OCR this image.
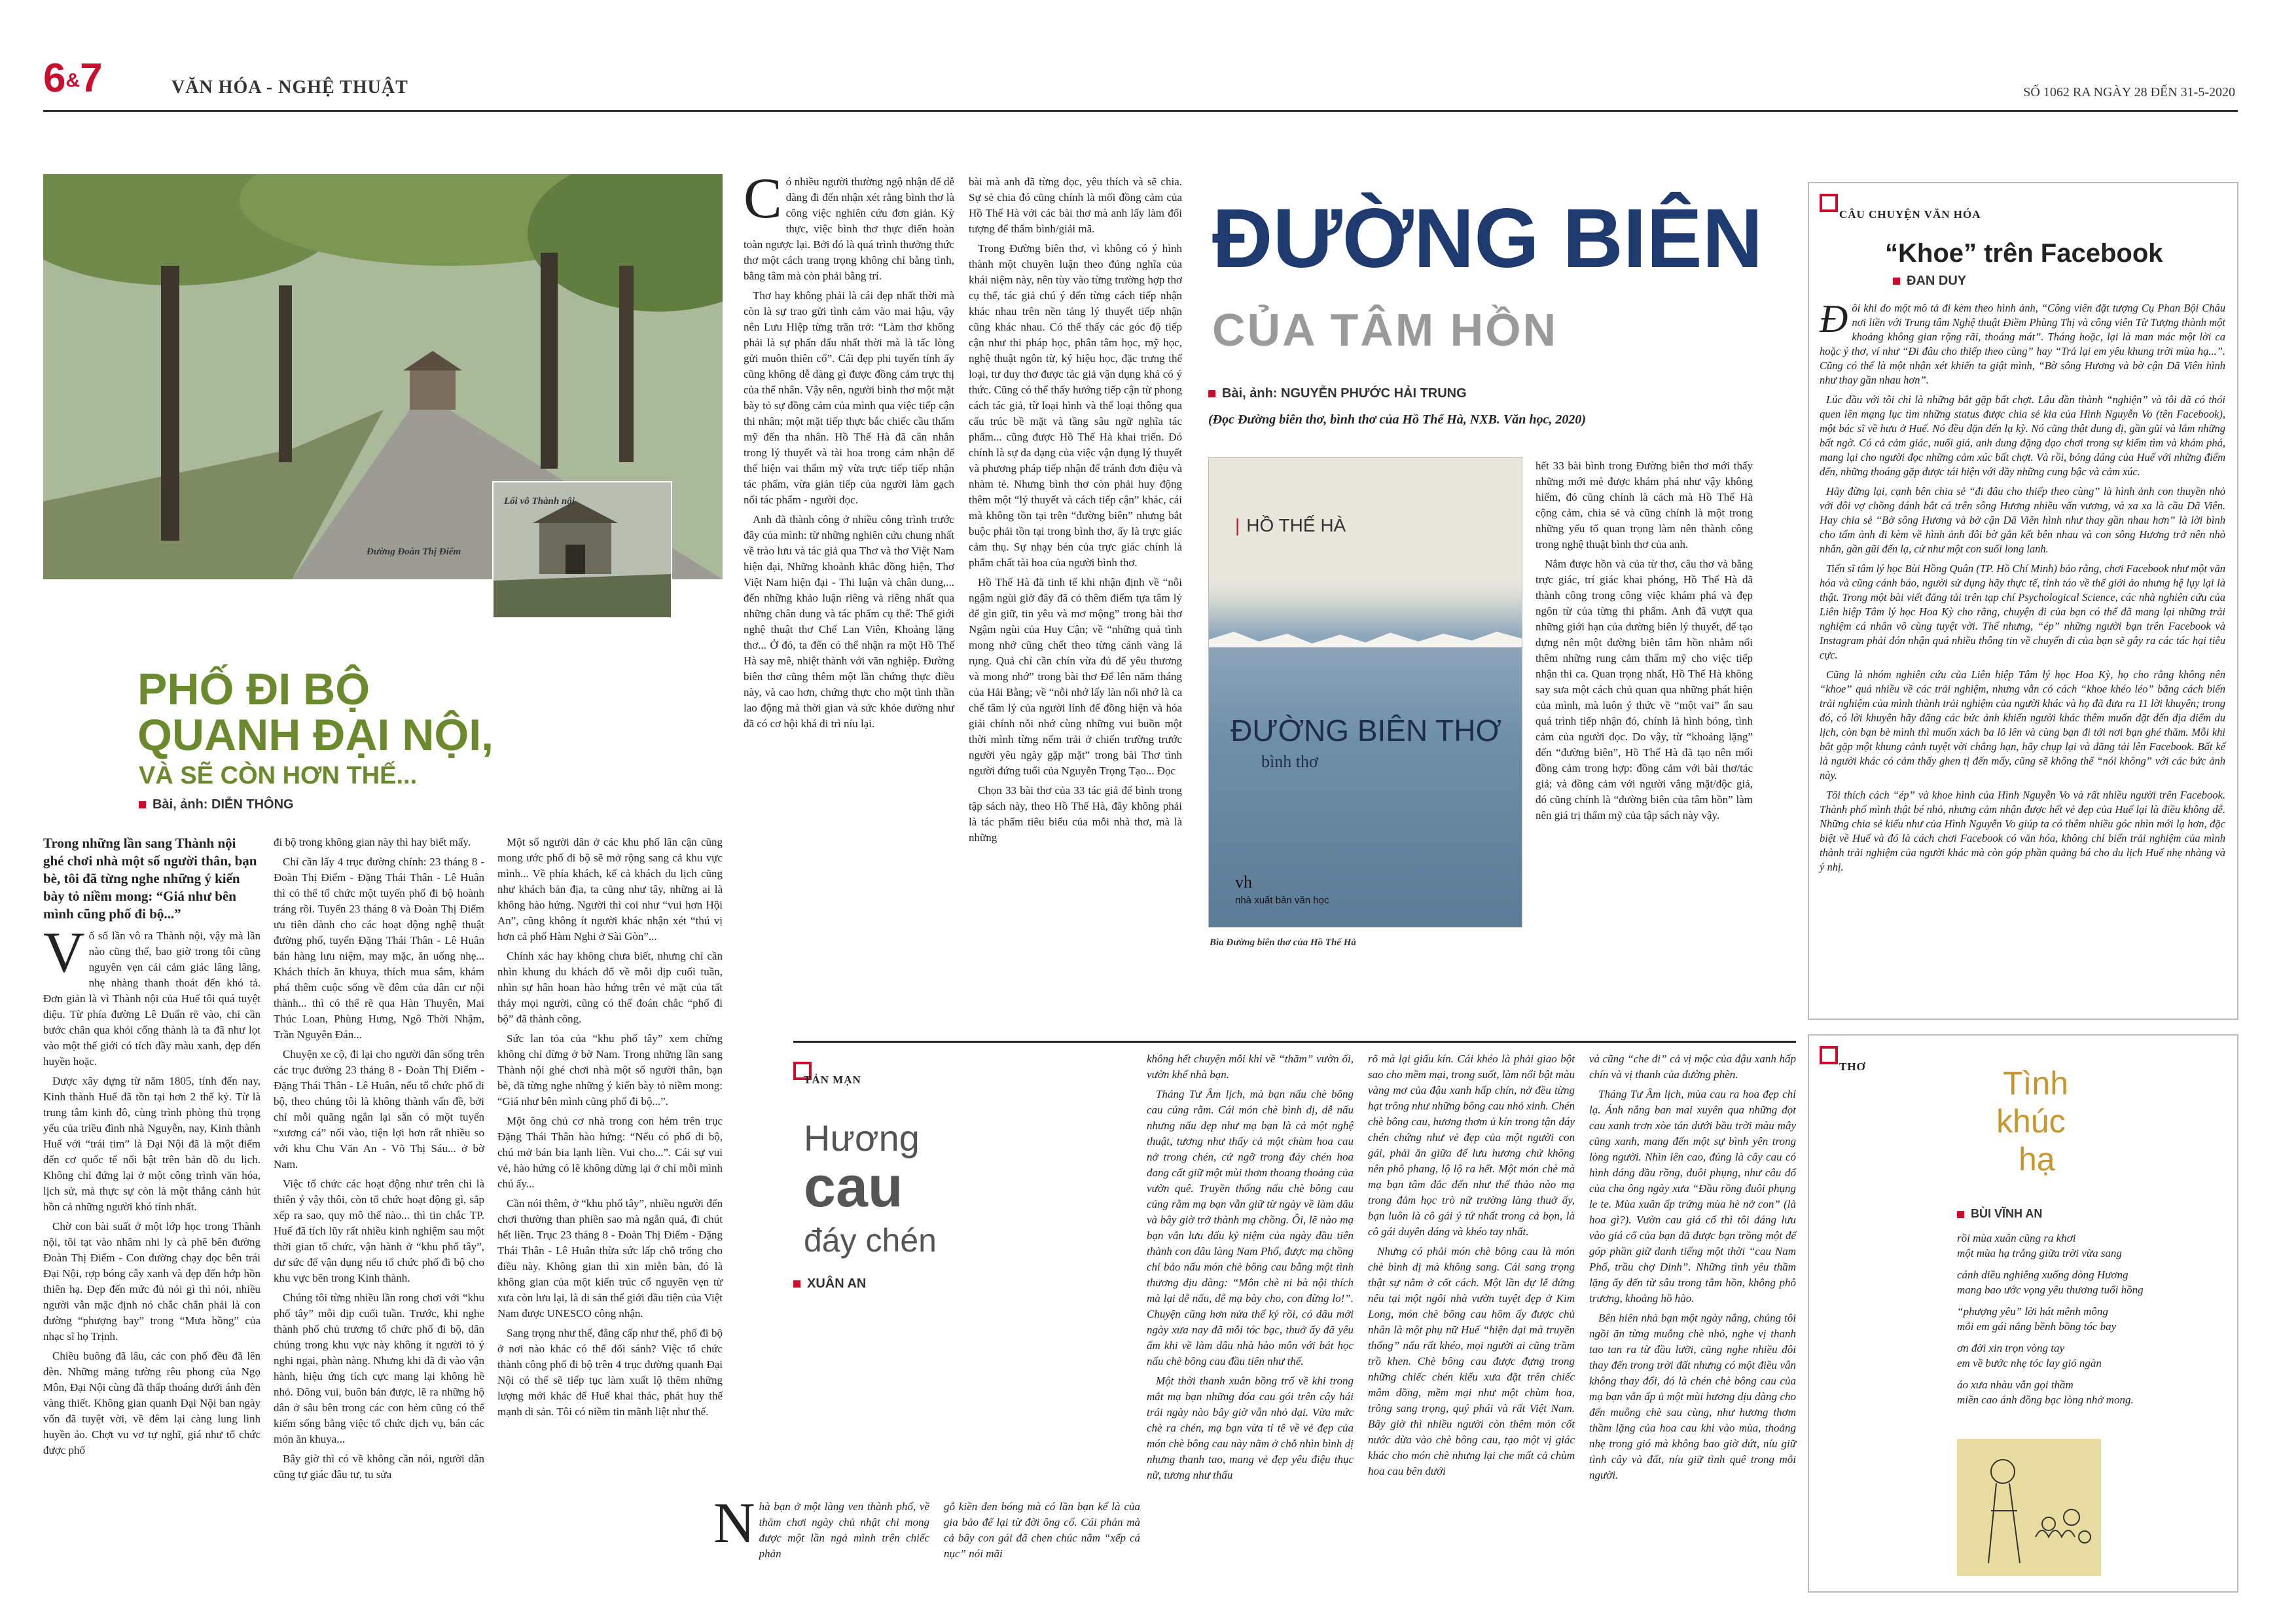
6&7	VĂN HÓA - NGHỆ THUẬT	SỐ 1062 RA NGÀY 28 ĐẾN 31-5-2020
Lối vô Thành nội
Đường Đoàn Thị Điểm
PHỐ ĐI BỘ
QUANH ĐẠI NỘI,
VÀ SẼ CÒN HƠN THẾ...
Bài, ảnh: DIỄN THÔNG
Trong những lần sang Thành nội ghé chơi nhà một số người thân, bạn bè, tôi đã từng nghe những ý kiến bày tỏ niềm mong: “Giá như bên mình cũng phố đi bộ...”
V ố số lần vô ra Thành nội, vậy mà lần nào cũng thế, bao giờ trong tôi cũng nguyên vẹn cái cảm giác lâng lâng, nhẹ nhàng thanh thoát đến khó tả. Đơn giản là vì Thành nội của Huế tôi quá tuyệt diệu. Từ phía đường Lê Duẩn rẽ vào, chỉ cần bước chân qua khỏi cổng thành là ta đã như lọt vào một thế giới có tích đầy màu xanh, đẹp đến huyền hoặc.

Được xây dựng từ năm 1805, tính đến nay, Kinh thành Huế đã tồn tại hơn 2 thế kỷ. Từ là trung tâm kinh đô, cùng trình phòng thủ trọng yếu của triều đình nhà Nguyễn, nay, Kinh thành Huế với “trái tim” là Đại Nội đã là một điểm đến cơ quốc tế nổi bật trên bản đồ du lịch. Không chỉ đứng lại ở một công trình văn hóa, lịch sử, mà thực sự còn là một thắng cảnh hút hồn cả những người khó tính nhất.

Chờ con bài suất ở một lớp học trong Thành nội, tôi tạt vào nhâm nhi ly cà phê bên đường Đoàn Thị Điểm - Con đường chạy dọc bên trái Đại Nội, rợp bóng cây xanh và đẹp đến hớp hồn thiên hạ. Đẹp đến mức đủ nói gì thì nói, nhiều người vẫn mặc định nó chắc chắn phải là con đường “phượng bay” trong “Mưa hồng” của nhạc sĩ họ Trịnh.

Chiều buông đã lâu, các con phố đều đã lên đèn. Những mảng tường rêu phong của Ngọ Môn, Đại Nội cùng đã thấp thoáng dưới ánh đèn vàng thiết. Không gian quanh Đại Nội ban ngày vốn đã tuyệt vời, về đêm lại càng lung linh huyền ảo. Chợt vu vơ tự nghĩ, giá như tổ chức được phố

đi bộ trong không gian này thì hay biết mấy.

Chỉ cần lấy 4 trục đường chính: 23 tháng 8 - Đoàn Thị Điểm - Đặng Thái Thân - Lê Huân thì có thể tổ chức một tuyến phố đi bộ hoành tráng rồi. Tuyến 23 tháng 8 và Đoàn Thị Điểm ưu tiên dành cho các hoạt động nghệ thuật đường phố, tuyến Đặng Thái Thân - Lê Huân bán hàng lưu niệm, may mặc, ăn uống nhẹ... Khách thích ăn khuya, thích mua sắm, khám phá thêm cuộc sống về đêm của dân cư nội thành... thì có thể rẽ qua Hàn Thuyên, Mai Thúc Loan, Phùng Hưng, Ngô Thời Nhậm, Trần Nguyên Đán...

Chuyện xe cộ, đi lại cho người dân sống trên các trục đường 23 tháng 8 - Đoàn Thị Điểm - Đặng Thái Thân - Lê Huân, nếu tổ chức phố đi bộ, theo chúng tôi là không thành vấn đề, bởi chỉ mỗi quãng ngắn lại sẵn có một tuyến “xương cá” nối vào, tiện lợi hơn rất nhiều so với khu Chu Văn An - Võ Thị Sáu... ở bờ Nam.

Việc tổ chức các hoạt động như trên chỉ là thiên ý vậy thôi, còn tổ chức hoạt động gì, sắp xếp ra sao, quy mô thế nào... thì tin chắc TP. Huế đã tích lũy rất nhiều kinh nghiệm sau một thời gian tổ chức, vận hành ở “khu phố tây”, dư sức để vận dụng nếu tổ chức phố đi bộ cho khu vực bên trong Kinh thành.

Chúng tôi từng nhiều lần rong chơi với “khu phố tây” mỗi dịp cuối tuần. Trước, khi nghe thành phố chủ trương tổ chức phố đi bộ, dân chúng trong khu vực này không ít người tỏ ý nghi ngại, phàn nàng. Nhưng khi đã đi vào vận hành, hiệu ứng tích cực mang lại không hề nhỏ. Đông vui, buôn bán được, lẽ ra những hộ dân ở sâu bên trong các con hẻm cũng có thể kiếm sống bằng việc tổ chức dịch vụ, bán các món ăn khuya...

Bây giờ thì có về không cần nói, người dân cũng tự giác đâu tư, tu sửa

Một số người dân ở các khu phố lân cận cũng mong ước phố đi bộ sẽ mở rộng sang cả khu vực mình... Về phía khách, kể cả khách du lịch cũng như khách bản địa, ta cũng như tây, những ai là không hào hứng. Người thì coi như “vui hơn Hội An”, cũng không ít người khác nhận xét “thú vị hơn cả phố Hàm Nghi ở Sài Gòn”...

Chính xác hay không chưa biết, nhưng chỉ cần nhìn khung du khách đổ về mỗi dịp cuối tuần, nhìn sự hân hoan hào hứng trên vẻ mặt của tất thảy mọi người, cũng có thể đoán chắc “phố đi bộ” đã thành công.

Sức lan tỏa của “khu phố tây” xem chừng không chỉ dừng ở bờ Nam. Trong những lần sang Thành nội ghé chơi nhà một số người thân, bạn bè, đã từng nghe những ý kiến bày tỏ niềm mong: “Giá như bên mình cũng phố đi bộ...”.

Một ông chủ cơ nhà trong con hẻm trên trục Đặng Thái Thân hào hứng: “Nếu có phố đi bộ, chú mở bán bia lạnh liền. Vui cho...”. Cái sự vui vẻ, hào hứng có lẽ không dừng lại ở chỉ mỗi mình chú ấy...

Cần nói thêm, ở “khu phố tây”, nhiều người đến chơi thường than phiền sao mà ngắn quá, đi chút hết liền. Trục 23 tháng 8 - Đoàn Thị Điểm - Đặng Thái Thân - Lê Huân thừa sức lấp chỗ trống cho điều này. Không gian thì xin miễn bàn, đó là không gian của một kiến trúc cổ nguyên vẹn từ xưa còn lưu lại, là di sản thế giới đầu tiên của Việt Nam được UNESCO công nhận.

Sang trọng như thế, đẳng cấp như thế, phố đi bộ ở nơi nào khác có thể đối sánh? Việc tổ chức thành công phố đi bộ trên 4 trục đường quanh Đại Nội có thể sẽ tiếp tục làm xuất lộ thêm những lượng mới khác để Huế khai thác, phát huy thế mạnh di sản. Tôi có niềm tin mãnh liệt như thế.

C ó nhiều người thường ngộ nhận để dễ dàng đi đến nhận xét rằng bình thơ là công việc nghiên cứu đơn giản. Kỳ thực, việc bình thơ thực điển hoàn toàn ngược lại. Bởi đó là quá trình thưởng thức thơ một cách trang trọng không chỉ bằng tình, bằng tâm mà còn phải bằng trí.

Thơ hay không phải là cái đẹp nhất thời mà còn là sự trao gửi tình cảm vào mai hậu, vậy nên Lưu Hiệp từng trăn trở: “Làm thơ không phải là sự phấn đấu nhất thời mà là tấc lòng gửi muôn thiên cổ”. Cái đẹp phi tuyến tính ấy cũng không dễ dàng gì được đồng cảm trực thị của thể nhân. Vậy nên, người bình thơ một mặt bày tỏ sự đồng cảm của mình qua việc tiếp cận thi nhân; một mặt tiếp thực bắc chiếc cầu thẩm mỹ đến tha nhân. Hồ Thế Hà đã cân nhắn trong lý thuyết và tài hoa trong cảm nhận để thể hiện vai thẩm mỹ vừa trực tiếp tiếp nhận tác phẩm, vừa gián tiếp của người làm gạch nối tác phẩm - người đọc.

Anh đã thành công ở nhiều công trình trước đây của mình: từ những nghiên cứu chung nhất về trào lưu và tác giả qua Thơ và thơ Việt Nam hiện đại, Những khoảnh khắc đồng hiện, Thơ Việt Nam hiện đại - Thi luận và chân dung,... đến những khảo luận riêng và riêng nhất qua những chân dung và tác phẩm cụ thể: Thế giới nghệ thuật thơ Chế Lan Viên, Khoảng lặng thơ... Ở đó, ta đến có thể nhận ra một Hồ Thế Hà say mê, nhiệt thành với văn nghiệp. Đường biên thơ cũng thêm một lần chứng thực điều này, và cao hơn, chứng thực cho một tình thần lao động mà thời gian và sức khỏe dường như đã có cơ hội khá di trì níu lại.

bài mà anh đã từng đọc, yêu thích và sẽ chia. Sự sẻ chia đó cũng chính là mối đồng cảm của Hồ Thế Hà với các bài thơ mà anh lấy làm đối tượng để thẩm bình/giải mã.

Trong Đường biên thơ, vì không có ý hình thành một chuyên luận theo đúng nghĩa của khái niệm này, nên tùy vào từng trường hợp thơ cụ thể, tác giả chú ý đến từng cách tiếp nhận khác nhau trên nền tảng lý thuyết tiếp nhận cũng khác nhau. Có thể thấy các góc độ tiếp cận như thi pháp học, phân tâm học, mỹ học, nghệ thuật ngôn từ, ký hiệu học, đặc trưng thể loại, tư duy thơ được tác giả vận dụng khá có ý thức. Cũng có thể thấy hướng tiếp cận từ phong cách tác giả, từ loại hình và thể loại thông qua cấu trúc bề mặt và tầng sâu ngữ nghĩa tác phẩm... cũng được Hồ Thế Hà khai triển. Đó chính là sự đa dạng của việc vận dụng lý thuyết và phương pháp tiếp nhận để tránh đơn điệu và nhàm tẻ. Nhưng bình thơ còn phải huy động thêm một “lý thuyết và cách tiếp cận” khác, cái mà không tồn tại trên “đường biên” nhưng bắt buộc phải tồn tại trong bình thơ, ấy là trực giác cảm thụ. Sự nhạy bén của trực giác chính là phẩm chất tài hoa của người bình thơ.

Hồ Thế Hà đã tinh tế khi nhận định về “nỗi ngậm ngùi giờ đây đã có thêm điểm tựa tâm lý để gìn giữ, tin yêu và mơ mộng” trong bài thơ Ngậm ngùi của Huy Cận; về “những quả tình mong nhớ cũng chết theo từng cánh vàng lá rụng. Quả chỉ cần chín vừa đủ để yêu thương và mong nhớ” trong bài thơ Để lên năm tháng của Hải Bằng; về “nỗi nhớ lấy làn nối nhớ là ca chế tâm lý của người lính để đồng hiện và hóa giải chính nỗi nhớ cùng những vui buồn một thời mình từng nếm trải ở chiến trường trước người yêu ngày gặp mặt” trong bài Thơ tình người đứng tuổi của Nguyễn Trọng Tạo... Đọc

Chọn 33 bài thơ của 33 tác giả để bình trong tập sách này, theo Hồ Thế Hà, đây không phải là tác phẩm tiêu biểu của mỗi nhà thơ, mà là những

ĐƯỜNG BIÊN
CỦA TÂM HỒN
Bài, ảnh: NGUYỄN PHƯỚC HẢI TRUNG
(Đọc Đường biên thơ, bình thơ của Hồ Thế Hà, NXB. Văn học, 2020)
| HỒ THẾ HÀ
ĐƯỜNG BIÊN THƠ
bình thơ
vh
nhà xuất bản văn học
Bìa Đường biên thơ của Hồ Thế Hà

hết 33 bài bình trong Đường biên thơ mới thấy những mới mẻ được khám phá như vậy không hiếm, đó cũng chính là cách mà Hồ Thế Hà cộng cảm, chia sẻ và cũng chính là một trong những yếu tố quan trọng làm nên thành công trong nghệ thuật bình thơ của anh.

Nắm được hồn và của từ thơ, câu thơ và bằng trực giác, trí giác khai phóng, Hồ Thế Hà đã thành công trong công việc khám phá và đẹp ngôn từ của từng thi phẩm. Anh đã vượt qua những giới hạn của đường biên lý thuyết, để tạo dựng nên một đường biên tâm hồn nhằm nối thêm những rung cảm thẩm mỹ cho việc tiếp nhận thi ca. Quan trọng nhất, Hồ Thế Hà không say sưa một cách chủ quan qua những phát hiện của mình, mà luôn ý thức về “một vai” ẩn sau quá trình tiếp nhận đó, chính là hình bóng, tình cảm của người đọc. Do vậy, từ “khoảng lặng” đến “đường biên”, Hồ Thế Hà đã tạo nên mối đồng cảm trong hợp: đồng cảm với bài thơ/tác giả; và đồng cảm với người vắng mặt/độc giả, đó cũng chính là “đường biên của tâm hồn” làm nên giá trị thẩm mỹ của tập sách này vậy.

CÂU CHUYỆN VĂN HÓA
“Khoe” trên Facebook
ĐAN DUY
Đ ôi khi do một mô tả đi kèm theo hình ảnh, “Công viên đặt tượng Cụ Phan Bội Châu nơi liền với Trung tâm Nghệ thuật Điềm Phùng Thị và công viên Từ Tượng thành một khoảng không gian rộng rãi, thoáng mát”. Tháng hoặc, lại là man mác một lời ca hoặc ý thơ, ví như “Đi đâu cho thiếp theo cùng” hay “Trả lại em yêu khung trời mùa hạ...”. Cũng có thể là một nhận xét khiến ta giật mình, “Bờ sông Hương và bờ cận Dã Viên hình như thay gần nhau hơn”.

Lúc đầu với tôi chỉ là những bắt gặp bất chợt. Lâu dần thành “nghiện” và tôi đã có thói quen lên mạng lục tìm những status được chia sẻ kia của Hình Nguyễn Vo (tên Facebook), một bác sĩ về hưu ở Huế. Nó đều đặn đến lạ kỳ. Nó cũng thật dung dị, gần gũi và lắm những bất ngờ. Có cả cảm giác, nuối giá, anh dung đặng dạo chơi trong sự kiếm tìm và khám phá, mang lại cho người đọc những cảm xúc bất chợt. Và rồi, bóng dáng của Huế với những điểm đến, những thoáng gặp được tái hiện với đầy những cung bậc và cảm xúc.

Hãy đừng lại, cạnh bên chia sẻ “đi đâu cho thiếp theo cùng” là hình ảnh con thuyền nhỏ với đôi vợ chồng đánh bắt cá trên sông Hương nhiều vấn vương, và xa xa là cầu Dã Viên. Hay chia sẻ “Bờ sông Hương và bờ cận Dã Viên hình như thay gần nhau hơn” là lời bình cho tấm ảnh đi kèm về hình ảnh đôi bờ gắn kết bên nhau và con sông Hương trở nên nhỏ nhắn, gần gũi đến lạ, cứ như một con suối long lanh.

Tiến sĩ tâm lý học Bùi Hồng Quân (TP. Hồ Chí Minh) bảo rằng, chơi Facebook như một văn hóa và cũng cánh báo, người sử dụng hãy thực tế, tỉnh táo về thể giới ảo nhưng hệ lụy lại là thật. Trong một bài viết đăng tải trên tạp chí Psychological Science, các nhà nghiên cứu của Liên hiệp Tâm lý học Hoa Kỳ cho rằng, chuyện đi của bạn có thể đã mang lại những trải nghiệm cá nhân vô cùng tuyệt vời. Thế nhưng, “ép” những người bạn trên Facebook và Instagram phải đón nhận quá nhiều thông tin về chuyến đi của bạn sẽ gây ra các tác hại tiêu cực.

Cũng là nhóm nghiên cứu của Liên hiệp Tâm lý học Hoa Kỳ, họ cho rằng không nên “khoe” quá nhiều về các trải nghiệm, nhưng vẫn có cách “khoe khéo léo” bằng cách biến trải nghiệm của mình thành trải nghiệm của người khác và họ đã đưa ra 11 lời khuyên; trong đó, có lời khuyên hãy đăng các bức ảnh khiến người khác thêm muốn đặt đến địa điểm du lịch, còn bạn bè mình thì muốn xách ba lô lên và cùng bạn đi tới nơi bạn ghé thăm. Mỗi khi bắt gặp một khung cảnh tuyệt vời chẳng hạn, hãy chụp lại và đăng tải lên Facebook. Bất kể là người khác có cảm thấy ghen tị đến mấy, cũng sẽ không thể “nói không” với các bức ảnh này.

Tôi thích cách “ép” và khoe hình của Hình Nguyễn Vo và rất nhiều người trên Facebook. Thành phố mình thật bé nhỏ, nhưng cảm nhận được hết vẻ đẹp của Huế lại là điều không dễ. Những chia sẻ kiểu như của Hình Nguyễn Vo giúp ta có thêm nhiều góc nhìn mới lạ hơn, đặc biệt về Huế và đó là cách chơi Facebook có văn hóa, không chỉ biến trải nghiệm của mình thành trải nghiệm của người khác mà còn góp phần quảng bá cho du lịch Huế nhẹ nhàng và ý nhị.

TẢN MẠN
Hương
cau
đáy chén
XUÂN AN
N hà bạn ở một làng ven thành phố, về thăm chơi ngày chủ nhật chỉ mong được một lần ngả mình trên chiếc phản

gỗ kiền đen bóng mà có lần bạn kể là của gia bảo để lại từ đời ông cố. Cái phản mà cả bây con gái đã chen chúc nằm “xếp cá nục” nói mãi

không hết chuyện mỗi khi về “thăm” vườn ối, vườn khế nhà bạn.

Tháng Tư Âm lịch, mà bạn nấu chè bông cau cúng rằm. Cái món chè bình dị, dễ nấu nhưng nấu đẹp như mạ bạn là cả một nghệ thuật, tương như thấy cả một chùm hoa cau nở trong chén, cứ ngỡ trong đáy chén hoa đang cất giữ một mùi thơm thoang thoảng của vườn quê. Truyền thống nấu chè bông cau cúng rằm mạ bạn vẫn giữ từ ngày về làm dâu và bây giờ trở thành mạ chồng. Ôi, lẽ nào mạ bạn vẫn lưu dấu kỷ niệm của ngày đầu tiên thành con dâu làng Nam Phổ, được mạ chồng chỉ bảo nấu món chè bông cau bằng một tình thương dịu dàng: “Môn chè ni bà nội thích mà lại dễ nấu, dễ mạ bày cho, con đừng lo!”. Chuyện cũng hơn nửa thế kỷ rồi, có dâu mới ngày xưa nay đã mỗi tóc bạc, thuở ấy đã yêu ẩm khi về làm dâu nhà hào môn với bát học nấu chè bông cau đầu tiên như thế.

Một thời thanh xuân bồng trổ về khi trong mắt mạ bạn những đóa cau gói trên cây hái trái ngày nào bây giờ vẫn nhỏ dại. Vừa mức chè ra chén, mạ bạn vừa tỉ tê về vẻ đẹp của món chè bông cau này nằm ở chỗ nhìn bình dị nhưng thanh tao, mang vẻ đẹp yêu điệu thục nữ, tương như thấu

rõ mà lại giấu kín. Cái khéo là phải giao bột sao cho mềm mại, trong suốt, làm nổi bật màu vàng mơ của đậu xanh hấp chín, nở đều từng hạt trông như những bông cau nhỏ xinh. Chén chè bông cau, hương thơm ủ kín trong tận đáy chén chứng như vẻ đẹp của một người con gái, phải ăn giữa để lưu hương chứ không nên phô phang, lộ lộ ra hết. Một món chè mà mạ bạn tâm đắc đến như thế thảo nào mạ trong đảm học trò nữ trường làng thuở ấy, bạn luôn là cô gái ý tứ nhất trong cả bọn, là cô gái duyên dáng và khéo tay nhất.

Nhưng có phải món chè bông cau là món chè bình dị mà không sang. Cái sang trọng thật sự nằm ở cốt cách. Một lần dự lễ đứng nêu tại một ngôi nhà vườn tuyệt đẹp ở Kim Long, món chè bông cau hôm ấy được chủ nhân là một phụ nữ Huế “hiện đại mà truyền thống” nấu rất khéo, mọi người ai cũng trầm trồ khen. Chè bông cau được đựng trong những chiếc chén kiểu xưa đặt trên chiếc mâm đồng, mềm mại như một chùm hoa, trông sang trọng, quý phái và rất Việt Nam. Bây giờ thì nhiều người còn thêm món cốt nước dừa vào chè bông cau, tạo một vị giác khác cho món chè nhưng lại che mất cả chùm hoa cau bên dưới

và cũng “che đi” cả vị mộc của đậu xanh hấp chín và vị thanh của đường phèn.

Tháng Tư Âm lịch, mùa cau ra hoa đẹp chỉ lạ. Ánh nắng ban mai xuyên qua những đọt cau xanh trơn xòe tán dưới bầu trời màu mây cũng xanh, mang đến một sự bình yên trong lòng người. Nhìn lên cao, đúng là cây cau có hình dáng đầu rồng, đuôi phụng, như câu đố của cha ông ngày xưa “Đầu rồng đuôi phụng le te. Mùa xuân ấp trứng mùa hè nở con” (là hoa gì?). Vườn cau giá cổ thì tôi đáng lưu vào giá cổ của bạn đã được bạn trồng một để góp phần giữ danh tiếng một thời “cau Nam Phổ, trầu chợ Dinh”. Những tình yêu thầm lặng ấy đến từ sâu trong tâm hồn, không phô trương, khoảng hồ hào.

Bên hiên nhà bạn một ngày nắng, chúng tôi ngồi ăn từng muỗng chè nhỏ, nghe vị thanh tao tan ra từ đầu lưỡi, cũng nghe nhiều đôi thay đến trong trời đất nhưng có một điều vẫn không thay đổi, đó là chén chè bông cau của mạ bạn vẫn ấp ủ một mùi hương dịu dàng cho đến muỗng chè sau cùng, như hương thơm thầm lặng của hoa cau khi vào mùa, thoảng nhẹ trong gió mà không bao giờ dứt, níu giữ tình cây và đất, níu giữ tình quê trong mỗi người.

THƠ	Tình
khúc
hạ
BÙI VĨNH AN

rồi mùa xuân cũng ra khơi
một mùa hạ trắng giữa trời vừa sang

cánh diều nghiêng xuống dòng Hương
mang bao ước vọng yêu thương tuổi hồng

“phượng yêu” lời hát mênh mông
mỗi em gái nắng bềnh bồng tóc bay

ơn đời xin trọn vòng tay
em về bước nhẹ tóc lay gió ngàn

áo xưa nhàu vẫn gọi thầm
miền cao ánh đồng bạc lòng nhớ mong.
